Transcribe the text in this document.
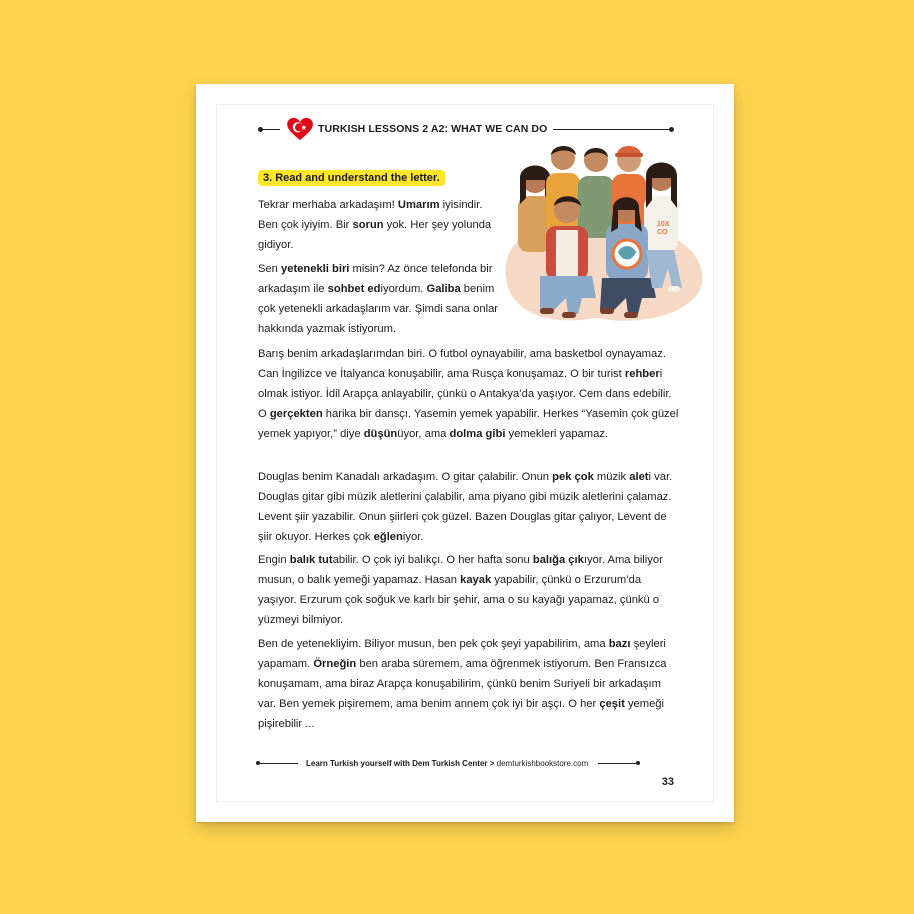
TURKISH LESSONS 2 A2: WHAT WE CAN DO
3. Read and understand the letter.
10X
CO

Tekrar merhaba arkadaşım! Umarım iyisindir. Ben çok iyiyim. Bir sorun yok. Her şey yolunda gidiyor.

Sen yetenekli biri misin? Az önce telefonda bir arkadaşım ile sohbet ediyordum. Galiba benim çok yetenekli arkadaşlarım var. Şimdi sana onlar hakkında yazmak istiyorum.

Barış benim arkadaşlarımdan biri. O futbol oynayabilir, ama basketbol oynayamaz. Can İngilizce ve İtalyanca konuşabilir, ama Rusça konuşamaz. O bir turist rehberi olmak istiyor. İdil Arapça anlayabilir, çünkü o Antakya’da yaşıyor. Cem dans edebilir. O gerçekten harika bir dansçı. Yasemin yemek yapabilir. Herkes “Yasemin çok güzel yemek yapıyor,” diye düşünüyor, ama dolma gibi yemekleri yapamaz.

Douglas benim Kanadalı arkadaşım. O gitar çalabilir. Onun pek çok müzik aleti var. Douglas gitar gibi müzik aletlerini çalabilir, ama piyano gibi müzik aletlerini çalamaz. Levent şiir yazabilir. Onun şiirleri çok güzel. Bazen Douglas gitar çalıyor, Levent de şiir okuyor. Herkes çok eğleniyor.

Engin balık tutabilir. O çok iyi balıkçı. O her hafta sonu balığa çıkıyor. Ama biliyor musun, o balık yemeği yapamaz. Hasan kayak yapabilir, çünkü o Erzurum’da yaşıyor. Erzurum çok soğuk ve karlı bir şehir, ama o su kayağı yapamaz, çünkü o yüzmeyi bilmiyor.

Ben de yetenekliyim. Biliyor musun, ben pek çok şeyi yapabilirim, ama bazı şeyleri yapamam. Örneğin ben araba süremem, ama öğrenmek istiyorum. Ben Fransızca konuşamam, ama biraz Arapça konuşabilirim, çünkü benim Suriyeli bir arkadaşım var. Ben yemek pişiremem, ama benim annem çok iyi bir aşçı. O her çeşit yemeği pişirebilir ...

Learn Turkish yourself with Dem Turkish Center > demturkishbookstore.com
33
